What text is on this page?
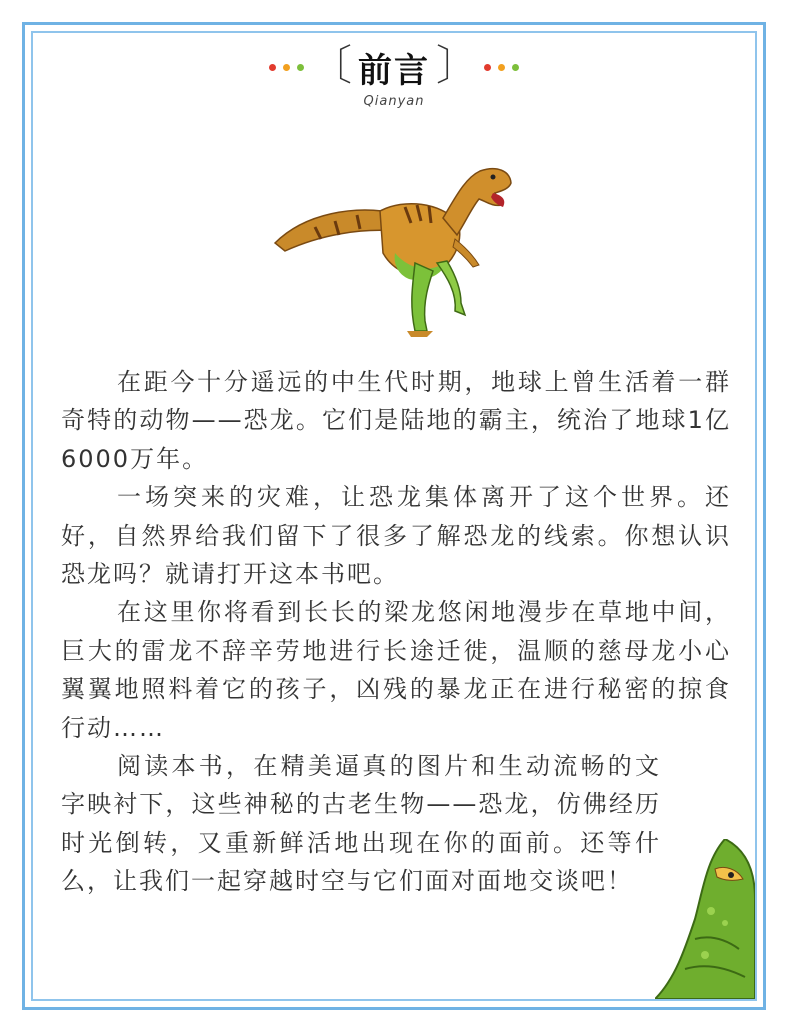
〔 前言 〕
Qianyan

在距今十分遥远的中生代时期，地球上曾生活着一群奇特的动物——恐龙。它们是陆地的霸主，统治了地球1亿6000万年。

一场突来的灾难，让恐龙集体离开了这个世界。还好，自然界给我们留下了很多了解恐龙的线索。你想认识恐龙吗？就请打开这本书吧。

在这里你将看到长长的梁龙悠闲地漫步在草地中间，巨大的雷龙不辞辛劳地进行长途迁徙，温顺的慈母龙小心翼翼地照料着它的孩子，凶残的暴龙正在进行秘密的掠食行动……

阅读本书，在精美逼真的图片和生动流畅的文字映衬下，这些神秘的古老生物——恐龙，仿佛经历时光倒转，又重新鲜活地出现在你的面前。还等什么，让我们一起穿越时空与它们面对面地交谈吧！
